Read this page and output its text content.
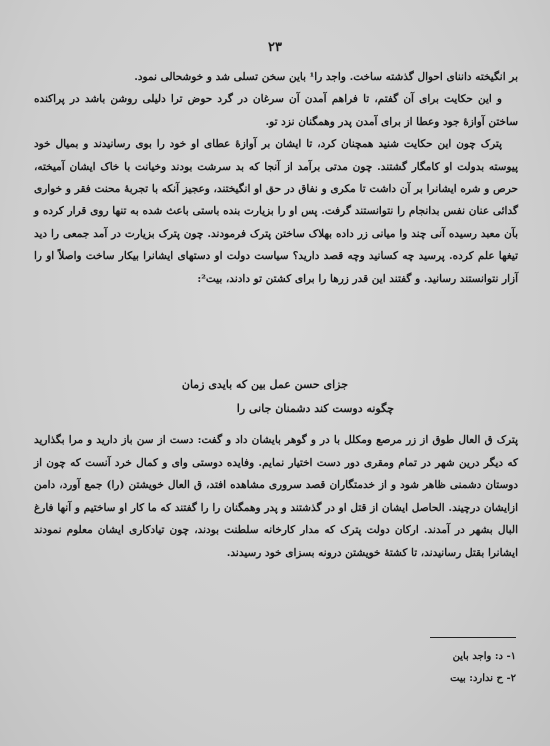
٢٣

بر انگیخته داننای احوال گذشته ساخت. واجد را¹ باین سخن تسلی شد و خوشحالی نمود.

و این حکایت برای آن گفتم، تا فراهم آمدن آن سرغان در گرد حوض ترا دلیلی روشن باشد در پراکنده ساختن آوازهٔ جود وعطا از برای آمدن پدر وهمگنان نزد تو.

پترک چون این حکایت شنید همچنان کرد، تا ایشان بر آوازهٔ عطای او خود را بوی رسانیدند و بمیال خود پیوسته بدولت او کامگار گشتند. چون مدتی برآمد از آنجا که بد سرشت بودند وخیانت با خاک ایشان آمیخته، حرص و شره ایشانرا بر آن داشت تا مکری و نفاق در حق او انگیختند، وعجیز آنکه با تجربهٔ محنت فقر و خواری گدائی عنان نفس بدانجام را نتوانستند گرفت. پس او را بزیارت بنده باستی باعث شده به تنها روی قرار کرده و بآن معبد رسیده آنی چند وا میانی زر داده بهلاک ساختن پترک فرمودند. چون پترک بزیارت در آمد جمعی را دید تیغها علم کرده. پرسید چه کسانید وچه قصد دارید؟ سیاست دولت او دستهای ایشانرا بیکار ساخت واصلاً او را آزار نتوانستند رسانید. و گفتند این قدر زرها را برای کشتن تو دادند، بیت²:

جزای حسن عمل بین که بایدی زمان
چگونه دوست کند دشمنان جانی را

پترک ق العال طوق از زر مرصع ومکلل با در و گوهر بایشان داد و گفت: دست از سن باز دارید و مرا بگذارید که دیگر درین شهر در تمام ومقری دور دست اختیار نمایم. وفایده دوستی وای و کمال خرد آنست که چون از دوستان دشمنی ظاهر شود و از خدمتگاران قصد سروری مشاهده افتد، ق العال خویشتن (را) جمع آورد، دامن ازایشان درچیند. الحاصل ایشان از قتل او در گذشتند و پدر وهمگنان را را گفتند که ما کار او ساختیم و آنها فارغ البال بشهر در آمدند. ارکان دولت پترک که مدار کارخانه سلطنت بودند، چون تیادکاری ایشان معلوم نمودند ایشانرا بقتل رسانیدند، تا کشتهٔ خویشتن درونه بسزای خود رسیدند.

١- د: واجد باین
٢- ح ندارد: بیت
